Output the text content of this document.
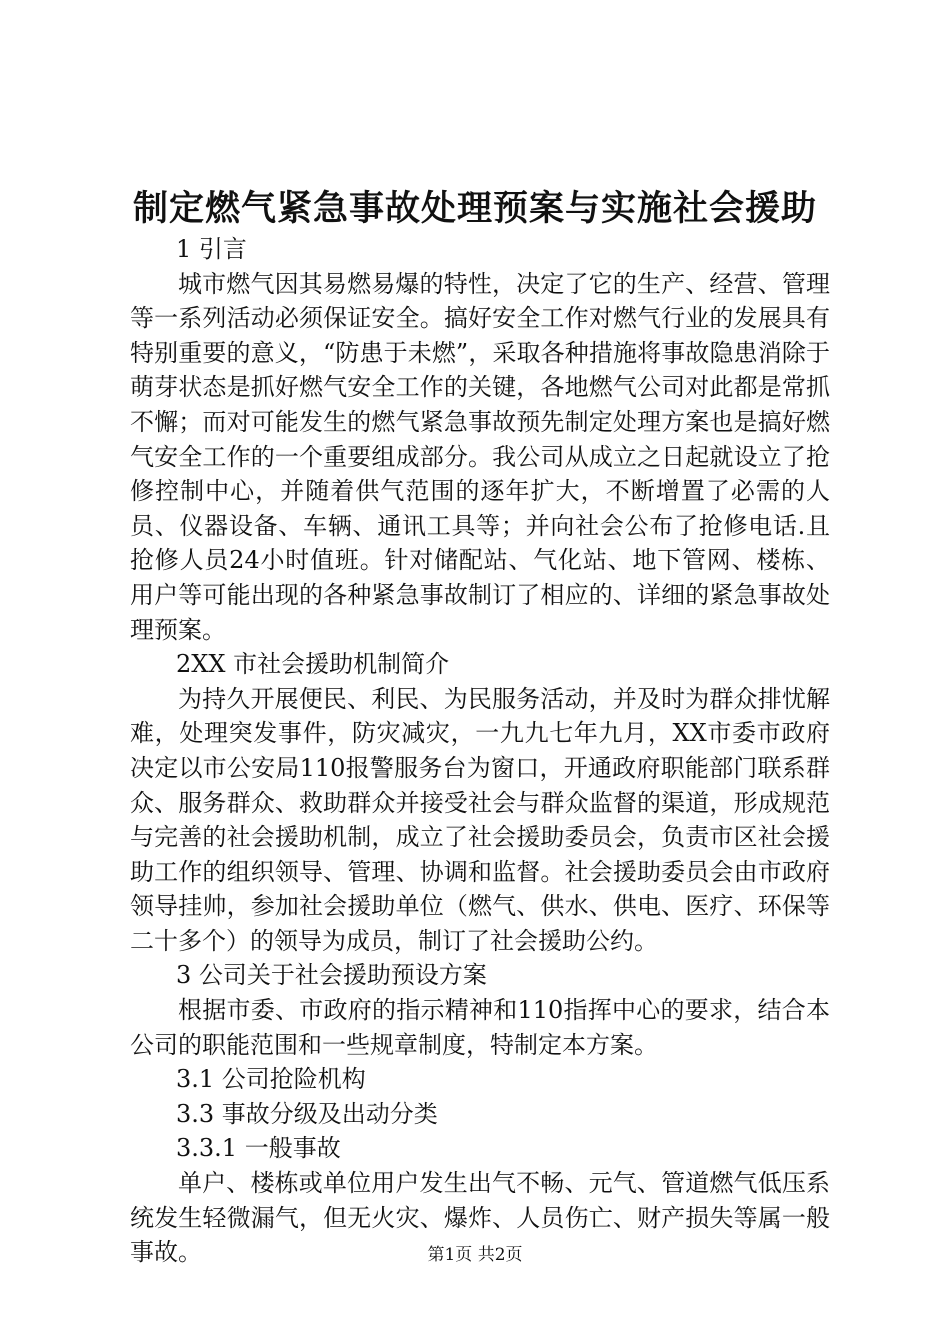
制定燃气紧急事故处理预案与实施社会援助

1 引言

城市燃气因其易燃易爆的特性，决定了它的生产、经营、管理等一系列活动必须保证安全。搞好安全工作对燃气行业的发展具有特别重要的意义，“防患于未燃”，采取各种措施将事故隐患消除于萌芽状态是抓好燃气安全工作的关键，各地燃气公司对此都是常抓不懈；而对可能发生的燃气紧急事故预先制定处理方案也是搞好燃气安全工作的一个重要组成部分。我公司从成立之日起就设立了抢修控制中心，并随着供气范围的逐年扩大，不断增置了必需的人员、仪器设备、车辆、通讯工具等；并向社会公布了抢修电话.且抢修人员24小时值班。针对储配站、气化站、地下管网、楼栋、用户等可能出现的各种紧急事故制订了相应的、详细的紧急事故处理预案。

2XX 市社会援助机制简介

为持久开展便民、利民、为民服务活动，并及时为群众排忧解难，处理突发事件，防灾减灾，一九九七年九月，XX市委市政府决定以市公安局110报警服务台为窗口，开通政府职能部门联系群众、服务群众、救助群众并接受社会与群众监督的渠道，形成规范与完善的社会援助机制，成立了社会援助委员会，负责市区社会援助工作的组织领导、管理、协调和监督。社会援助委员会由市政府领导挂帅，参加社会援助单位（燃气、供水、供电、医疗、环保等二十多个）的领导为成员，制订了社会援助公约。

3 公司关于社会援助预设方案

根据市委、市政府的指示精神和110指挥中心的要求，结合本公司的职能范围和一些规章制度，特制定本方案。

3.1 公司抢险机构

3.3 事故分级及出动分类

3.3.1 一般事故

单户、楼栋或单位用户发生出气不畅、元气、管道燃气低压系统发生轻微漏气，但无火灾、爆炸、人员伤亡、财产损失等属一般事故。	第1页 共2页
